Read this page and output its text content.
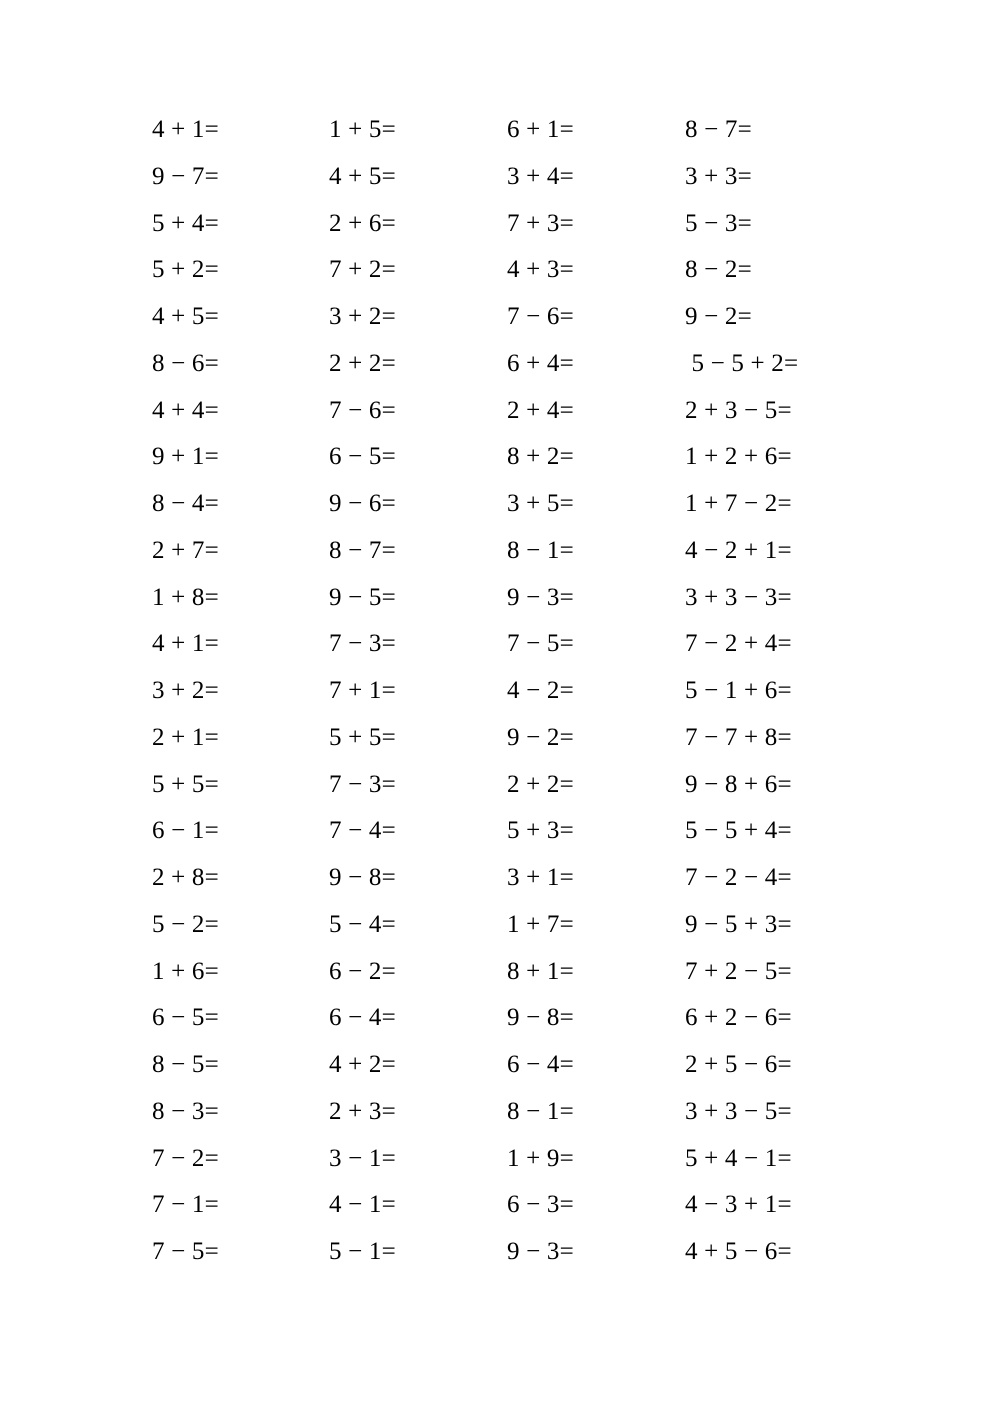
4 + 1=	1 + 5=	6 + 1=	8 − 7=
9 − 7=	4 + 5=	3 + 4=	3 + 3=
5 + 4=	2 + 6=	7 + 3=	5 − 3=
5 + 2=	7 + 2=	4 + 3=	8 − 2=
4 + 5=	3 + 2=	7 − 6=	9 − 2=
8 − 6=	2 + 2=	6 + 4=	5 − 5 + 2=
4 + 4=	7 − 6=	2 + 4=	2 + 3 − 5=
9 + 1=	6 − 5=	8 + 2=	1 + 2 + 6=
8 − 4=	9 − 6=	3 + 5=	1 + 7 − 2=
2 + 7=	8 − 7=	8 − 1=	4 − 2 + 1=
1 + 8=	9 − 5=	9 − 3=	3 + 3 − 3=
4 + 1=	7 − 3=	7 − 5=	7 − 2 + 4=
3 + 2=	7 + 1=	4 − 2=	5 − 1 + 6=
2 + 1=	5 + 5=	9 − 2=	7 − 7 + 8=
5 + 5=	7 − 3=	2 + 2=	9 − 8 + 6=
6 − 1=	7 − 4=	5 + 3=	5 − 5 + 4=
2 + 8=	9 − 8=	3 + 1=	7 − 2 − 4=
5 − 2=	5 − 4=	1 + 7=	9 − 5 + 3=
1 + 6=	6 − 2=	8 + 1=	7 + 2 − 5=
6 − 5=	6 − 4=	9 − 8=	6 + 2 − 6=
8 − 5=	4 + 2=	6 − 4=	2 + 5 − 6=
8 − 3=	2 + 3=	8 − 1=	3 + 3 − 5=
7 − 2=	3 − 1=	1 + 9=	5 + 4 − 1=
7 − 1=	4 − 1=	6 − 3=	4 − 3 + 1=
7 − 5=	5 − 1=	9 − 3=	4 + 5 − 6=
